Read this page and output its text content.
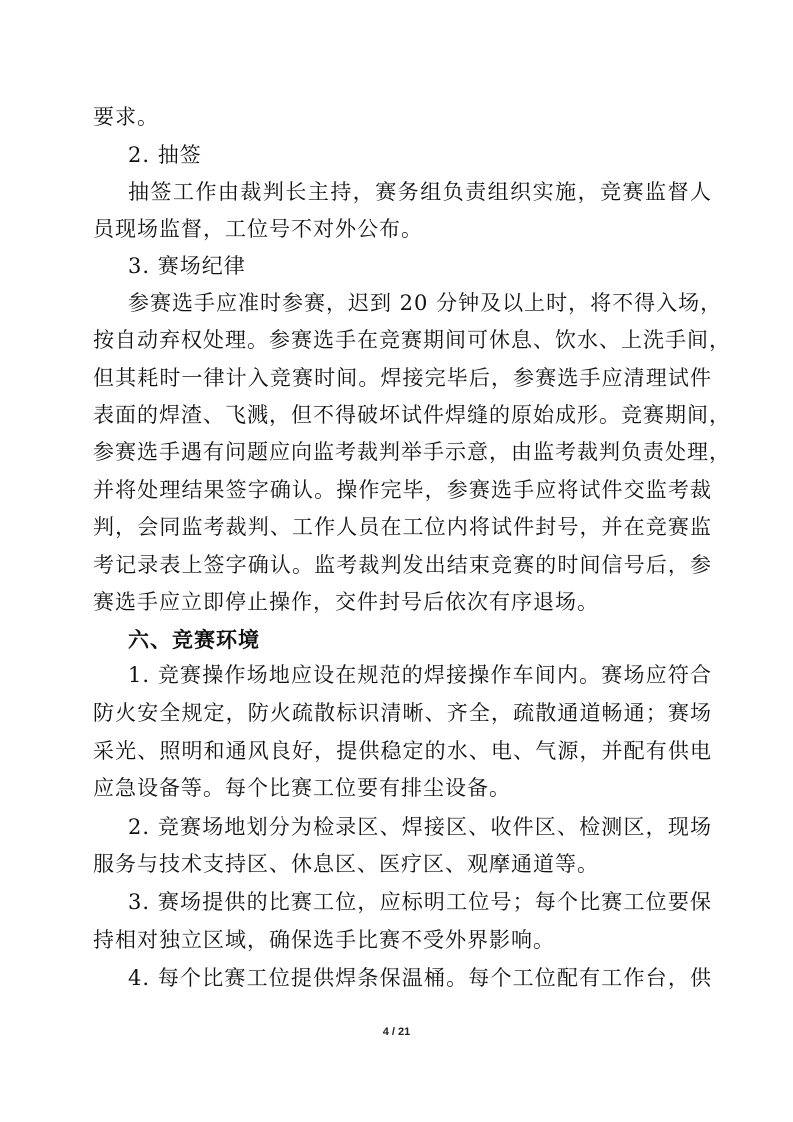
要求。
2. 抽签
抽签工作由裁判长主持，赛务组负责组织实施，竞赛监督人
员现场监督，工位号不对外公布。
3. 赛场纪律
参赛选手应准时参赛，迟到 20 分钟及以上时，将不得入场，
按自动弃权处理。参赛选手在竞赛期间可休息、饮水、上洗手间，
但其耗时一律计入竞赛时间。焊接完毕后，参赛选手应清理试件
表面的焊渣、飞溅，但不得破坏试件焊缝的原始成形。竞赛期间，
参赛选手遇有问题应向监考裁判举手示意，由监考裁判负责处理，
并将处理结果签字确认。操作完毕，参赛选手应将试件交监考裁
判，会同监考裁判、工作人员在工位内将试件封号，并在竞赛监
考记录表上签字确认。监考裁判发出结束竞赛的时间信号后，参
赛选手应立即停止操作，交件封号后依次有序退场。
六、竞赛环境
1. 竞赛操作场地应设在规范的焊接操作车间内。赛场应符合
防火安全规定，防火疏散标识清晰、齐全，疏散通道畅通；赛场
采光、照明和通风良好，提供稳定的水、电、气源，并配有供电
应急设备等。每个比赛工位要有排尘设备。
2. 竞赛场地划分为检录区、焊接区、收件区、检测区，现场
服务与技术支持区、休息区、医疗区、观摩通道等。
3. 赛场提供的比赛工位，应标明工位号；每个比赛工位要保
持相对独立区域，确保选手比赛不受外界影响。
4. 每个比赛工位提供焊条保温桶。每个工位配有工作台，供
4 / 21
